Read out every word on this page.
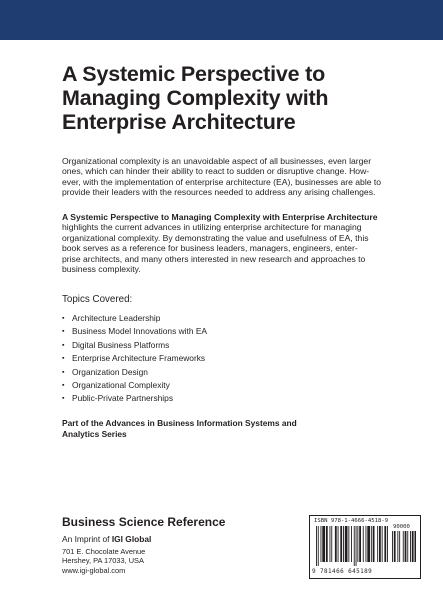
A Systemic Perspective to
Managing Complexity with
Enterprise Architecture

Organizational complexity is an unavoidable aspect of all businesses, even larger
ones, which can hinder their ability to react to sudden or disruptive change. How-
ever, with the implementation of enterprise architecture (EA), businesses are able to
provide their leaders with the resources needed to address any arising challenges.

A Systemic Perspective to Managing Complexity with Enterprise Architecture
highlights the current advances in utilizing enterprise architecture for managing
organizational complexity. By demonstrating the value and usefulness of EA, this
book serves as a reference for business leaders, managers, engineers, enter-
prise architects, and many others interested in new research and approaches to
business complexity.

Topics Covered:

▪ Architecture Leadership
▪ Business Model Innovations with EA
▪ Digital Business Platforms
▪ Enterprise Architecture Frameworks
▪ Organization Design
▪ Organizational Complexity
▪ Public-Private Partnerships

Part of the Advances in Business Information Systems and
Analytics Series

Business Science Reference

An Imprint of IGI Global

701 E. Chocolate Avenue
Hershey, PA 17033, USA
www.igi-global.com

ISBN 978-1-4666-4518-9
90000
9 781466 645189
